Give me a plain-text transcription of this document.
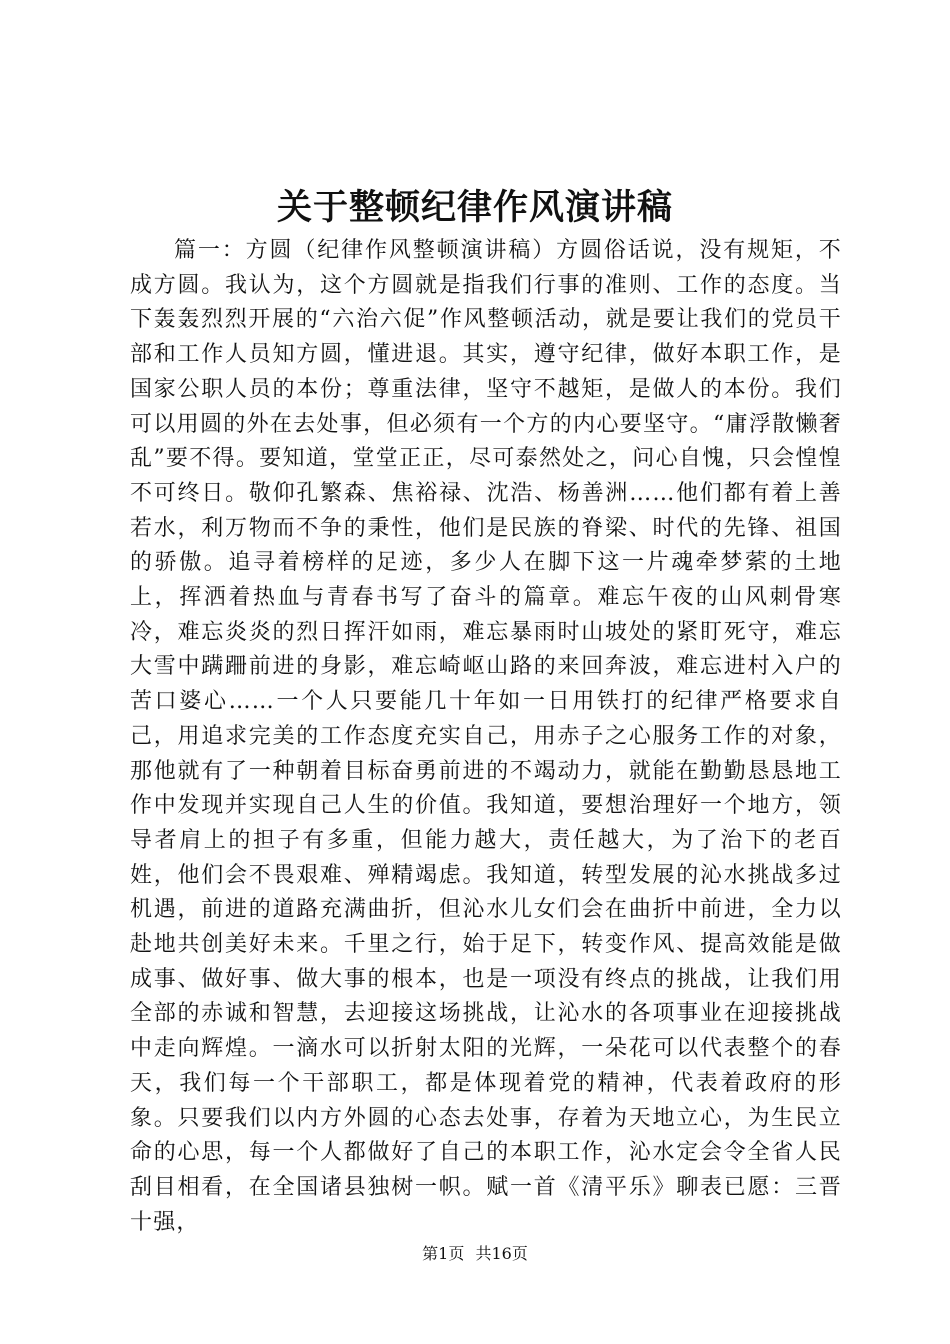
关于整顿纪律作风演讲稿

篇一：方圆（纪律作风整顿演讲稿）方圆俗话说，没有规矩，不成方圆。我认为，这个方圆就是指我们行事的准则、工作的态度。当下轰轰烈烈开展的“六治六促”作风整顿活动，就是要让我们的党员干部和工作人员知方圆，懂进退。其实，遵守纪律，做好本职工作，是国家公职人员的本份；尊重法律，坚守不越矩，是做人的本份。我们可以用圆的外在去处事，但必须有一个方的内心要坚守。“庸浮散懒奢乱”要不得。要知道，堂堂正正，尽可泰然处之，问心自愧，只会惶惶不可终日。敬仰孔繁森、焦裕禄、沈浩、杨善洲……他们都有着上善若水，利万物而不争的秉性，他们是民族的脊梁、时代的先锋、祖国的骄傲。追寻着榜样的足迹，多少人在脚下这一片魂牵梦萦的土地上，挥洒着热血与青春书写了奋斗的篇章。难忘午夜的山风刺骨寒冷，难忘炎炎的烈日挥汗如雨，难忘暴雨时山坡处的紧盯死守，难忘大雪中蹒跚前进的身影，难忘崎岖山路的来回奔波，难忘进村入户的苦口婆心……一个人只要能几十年如一日用铁打的纪律严格要求自己，用追求完美的工作态度充实自己，用赤子之心服务工作的对象，那他就有了一种朝着目标奋勇前进的不竭动力，就能在勤勤恳恳地工作中发现并实现自己人生的价值。我知道，要想治理好一个地方，领导者肩上的担子有多重，但能力越大，责任越大，为了治下的老百姓，他们会不畏艰难、殚精竭虑。我知道，转型发展的沁水挑战多过机遇，前进的道路充满曲折，但沁水儿女们会在曲折中前进，全力以赴地共创美好未来。千里之行，始于足下，转变作风、提高效能是做成事、做好事、做大事的根本，也是一项没有终点的挑战，让我们用全部的赤诚和智慧，去迎接这场挑战，让沁水的各项事业在迎接挑战中走向辉煌。一滴水可以折射太阳的光辉，一朵花可以代表整个的春天，我们每一个干部职工，都是体现着党的精神，代表着政府的形象。只要我们以内方外圆的心态去处事，存着为天地立心，为生民立命的心思，每一个人都做好了自己的本职工作，沁水定会令全省人民刮目相看，在全国诸县独树一帜。赋一首《清平乐》聊表已愿：三晋十强，

第1页 共16页
